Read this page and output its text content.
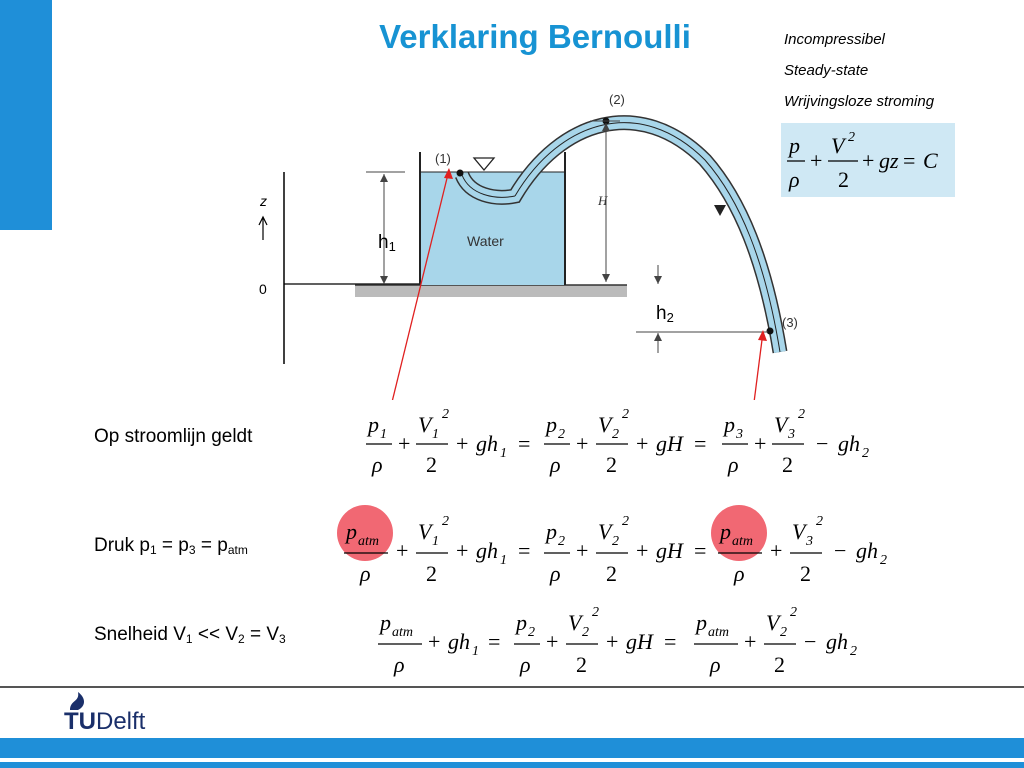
Verklaring Bernoulli	Incompressibel
Steady-state
Wrijvingsloze stroming
p
ρ
+
V 2
2
+ gz = C
z
0
$h_1$
$h_2$
Water
(1)
(2)
(3)
H
Op stroomlijn geldt
Druk $p_1 = p_3 = p_{atm}$
Snelheid $V_1 << V_2 = V_3$
p 1
ρ
+
V 1
2
2
+ gh 1 =
p 2
ρ
+
V 2
2
2
+ gH =
p 3
ρ
+
V 3
2
2
− gh 2
p atm
ρ
+
V 1
2
2
+ gh 1 =
p 2
ρ
+
V 2
2
2
+ gH =
p atm
ρ
+
V 3
2
2
− gh 2
p atm
ρ
+ gh 1 =
p 2
ρ
+
V 2
2
2
+ gH =
p atm
ρ
+
V 2
2
2
− gh 2
TUDelft
